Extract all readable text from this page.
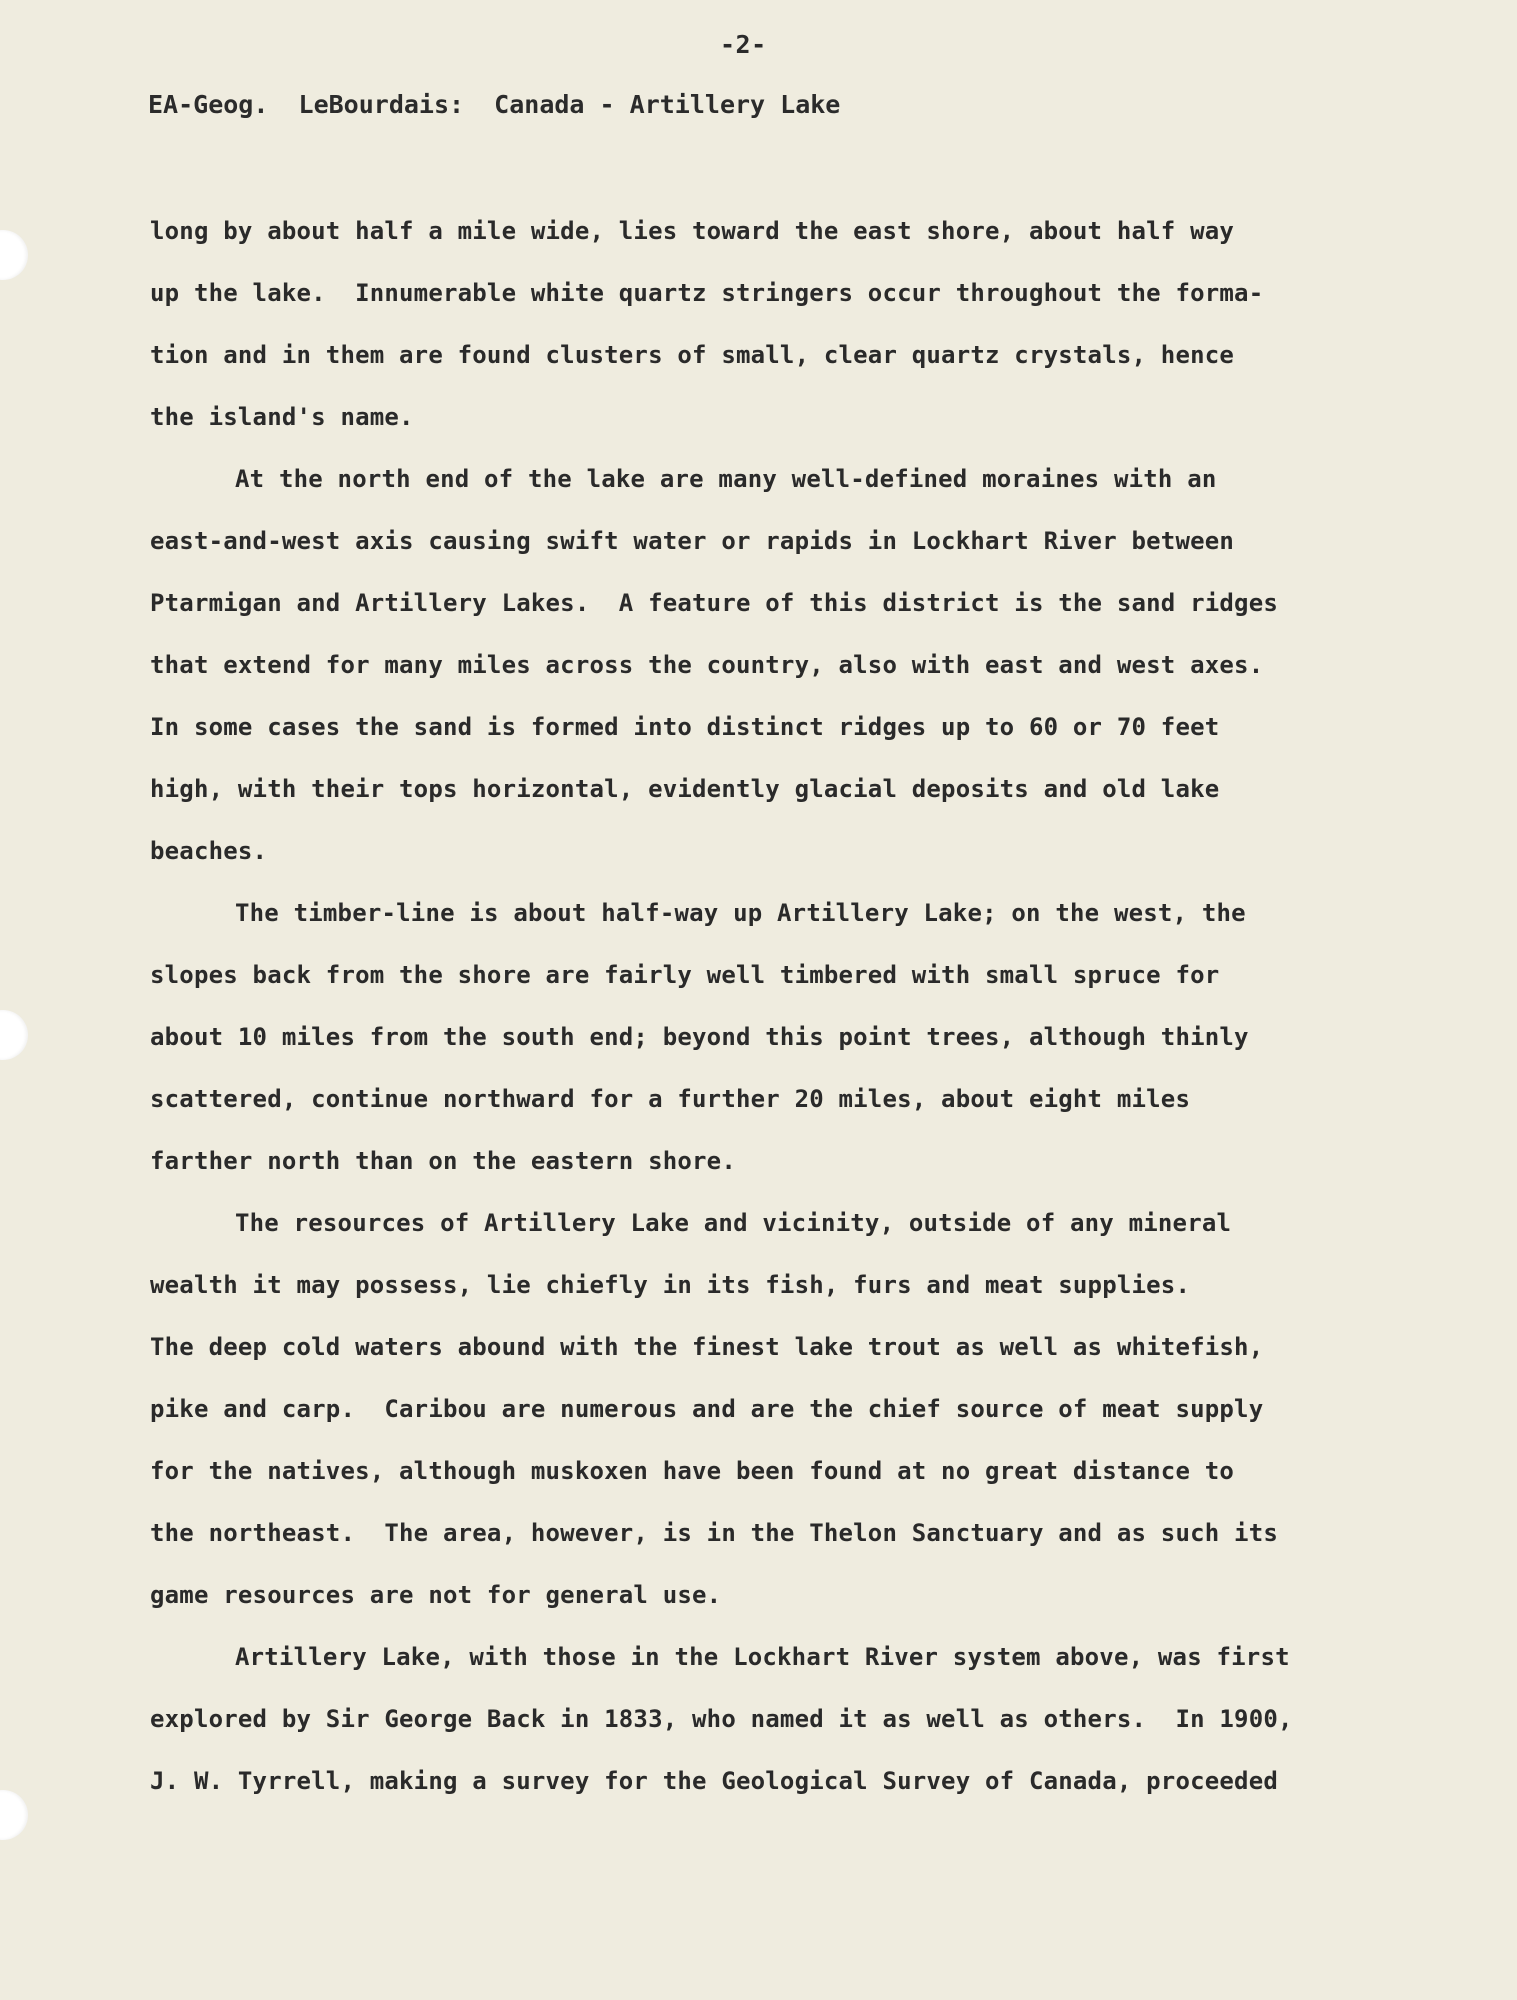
-2-
EA-Geog.  LeBourdais:  Canada - Artillery Lake
long by about half a mile wide, lies toward the east shore, about half way
up the lake.  Innumerable white quartz stringers occur throughout the forma-
tion and in them are found clusters of small, clear quartz crystals, hence
the island's name.
At the north end of the lake are many well-defined moraines with an
east-and-west axis causing swift water or rapids in Lockhart River between
Ptarmigan and Artillery Lakes.  A feature of this district is the sand ridges
that extend for many miles across the country, also with east and west axes.
In some cases the sand is formed into distinct ridges up to 60 or 70 feet
high, with their tops horizontal, evidently glacial deposits and old lake
beaches.
The timber-line is about half-way up Artillery Lake; on the west, the
slopes back from the shore are fairly well timbered with small spruce for
about 10 miles from the south end; beyond this point trees, although thinly
scattered, continue northward for a further 20 miles, about eight miles
farther north than on the eastern shore.
The resources of Artillery Lake and vicinity, outside of any mineral
wealth it may possess, lie chiefly in its fish, furs and meat supplies.
The deep cold waters abound with the finest lake trout as well as whitefish,
pike and carp.  Caribou are numerous and are the chief source of meat supply
for the natives, although muskoxen have been found at no great distance to
the northeast.  The area, however, is in the Thelon Sanctuary and as such its
game resources are not for general use.
Artillery Lake, with those in the Lockhart River system above, was first
explored by Sir George Back in 1833, who named it as well as others.  In 1900,
J. W. Tyrrell, making a survey for the Geological Survey of Canada, proceeded
